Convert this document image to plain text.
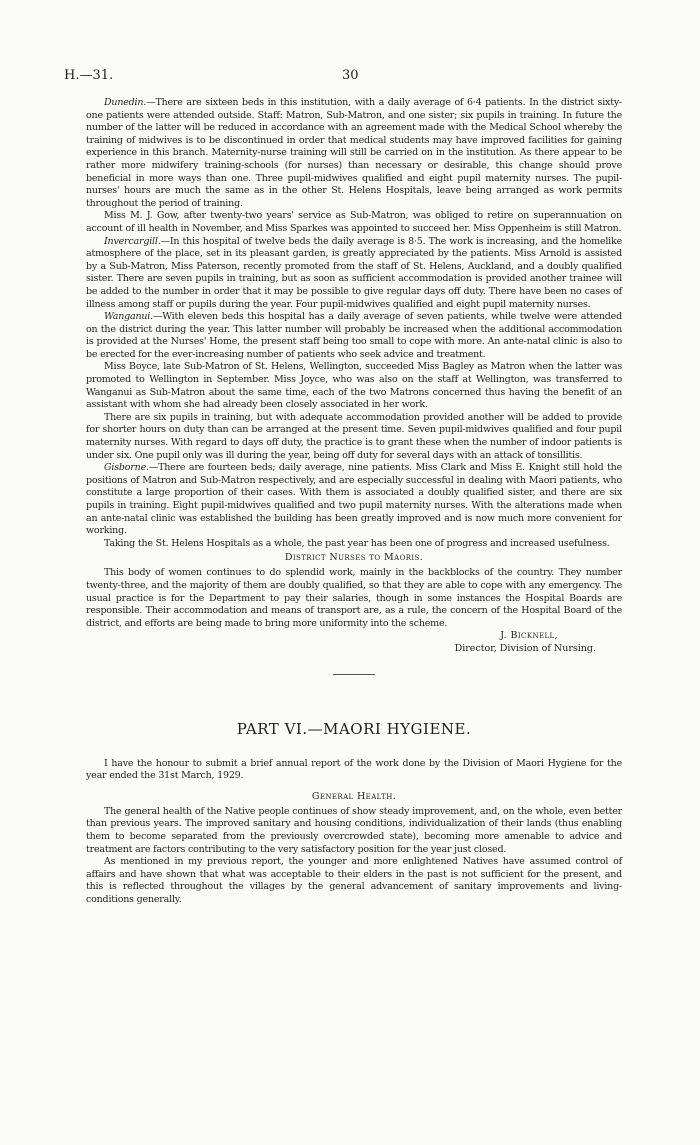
H.—31.	30

Dunedin.—There are sixteen beds in this institution, with a daily average of 6·4 patients. In the district sixty-one patients were attended outside. Staff: Matron, Sub-Matron, and one sister; six pupils in training. In future the number of the latter will be reduced in accordance with an agreement made with the Medical School whereby the training of midwives is to be discontinued in order that medical students may have improved facilities for gaining experience in this branch. Maternity-nurse training will still be carried on in the institution. As there appear to be rather more midwifery training-schools (for nurses) than necessary or desirable, this change should prove beneficial in more ways than one. Three pupil-midwives qualified and eight pupil maternity nurses. The pupil-nurses' hours are much the same as in the other St. Helens Hospitals, leave being arranged as work permits throughout the period of training.

Miss M. J. Gow, after twenty-two years' service as Sub-Matron, was obliged to retire on superannuation on account of ill health in November, and Miss Sparkes was appointed to succeed her. Miss Oppenheim is still Matron.

Invercargill.—In this hospital of twelve beds the daily average is 8·5. The work is increasing, and the homelike atmosphere of the place, set in its pleasant garden, is greatly appreciated by the patients. Miss Arnold is assisted by a Sub-Matron, Miss Paterson, recently promoted from the staff of St. Helens, Auckland, and a doubly qualified sister. There are seven pupils in training, but as soon as sufficient accommodation is provided another trainee will be added to the number in order that it may be possible to give regular days off duty. There have been no cases of illness among staff or pupils during the year. Four pupil-midwives qualified and eight pupil maternity nurses.

Wanganui.—With eleven beds this hospital has a daily average of seven patients, while twelve were attended on the district during the year. This latter number will probably be increased when the additional accommodation is provided at the Nurses' Home, the present staff being too small to cope with more. An ante-natal clinic is also to be erected for the ever-increasing number of patients who seek advice and treatment.

Miss Boyce, late Sub-Matron of St. Helens, Wellington, succeeded Miss Bagley as Matron when the latter was promoted to Wellington in September. Miss Joyce, who was also on the staff at Wellington, was transferred to Wanganui as Sub-Matron about the same time, each of the two Matrons concerned thus having the benefit of an assistant with whom she had already been closely associated in her work.

There are six pupils in training, but with adequate accommodation provided another will be added to provide for shorter hours on duty than can be arranged at the present time. Seven pupil-midwives qualified and four pupil maternity nurses. With regard to days off duty, the practice is to grant these when the number of indoor patients is under six. One pupil only was ill during the year, being off duty for several days with an attack of tonsillitis.

Gisborne.—There are fourteen beds; daily average, nine patients. Miss Clark and Miss E. Knight still hold the positions of Matron and Sub-Matron respectively, and are especially successful in dealing with Maori patients, who constitute a large proportion of their cases. With them is associated a doubly qualified sister, and there are six pupils in training. Eight pupil-midwives qualified and two pupil maternity nurses. With the alterations made when an ante-natal clinic was established the building has been greatly improved and is now much more convenient for working.

Taking the St. Helens Hospitals as a whole, the past year has been one of progress and increased usefulness.

District Nurses to Maoris.

This body of women continues to do splendid work, mainly in the backblocks of the country. They number twenty-three, and the majority of them are doubly qualified, so that they are able to cope with any emergency. The usual practice is for the Department to pay their salaries, though in some instances the Hospital Boards are responsible. Their accommodation and means of transport are, as a rule, the concern of the Hospital Board of the district, and efforts are being made to bring more uniformity into the scheme.

J. Bicknell,
Director, Division of Nursing.
PART VI.—MAORI HYGIENE.

I have the honour to submit a brief annual report of the work done by the Division of Maori Hygiene for the year ended the 31st March, 1929.

General Health.

The general health of the Native people continues of show steady improvement, and, on the whole, even better than previous years. The improved sanitary and housing conditions, individualization of their lands (thus enabling them to become separated from the previously overcrowded state), becoming more amenable to advice and treatment are factors contributing to the very satisfactory position for the year just closed.

As mentioned in my previous report, the younger and more enlightened Natives have assumed control of affairs and have shown that what was acceptable to their elders in the past is not sufficient for the present, and this is reflected throughout the villages by the general advancement of sanitary improvements and living-conditions generally.
